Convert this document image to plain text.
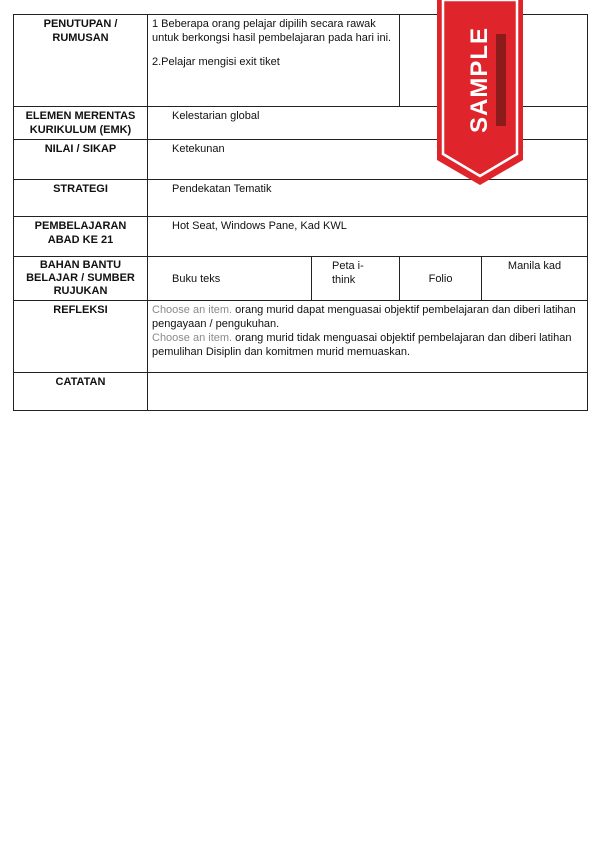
PENUTUPAN / RUMUSAN	1 Beberapa orang pelajar dipilih secara rawak untuk berkongsi hasil pembelajaran pada hari ini.

2.Pelajar mengisi exit tiket			

ELEMEN MERENTAS KURIKULUM (EMK)	Kelestarian global			
NILAI / SIKAP	Ketekunan			
STRATEGI	Pendekatan Tematik			
PEMBELAJARAN ABAD KE 21	Hot Seat, Windows Pane, Kad KWL			
BAHAN BANTU BELAJAR / SUMBER RUJUKAN	Buku teks	Peta i-think	Folio	Manila kad
REFLEKSI	Choose an item. orang murid dapat menguasai objektif pembelajaran dan diberi latihan pengayaan / pengukuhan.

Choose an item. orang murid tidak menguasai objektif pembelajaran dan diberi latihan pemulihan Disiplin dan komitmen murid memuaskan.			

CATATAN				
SAMPLE
